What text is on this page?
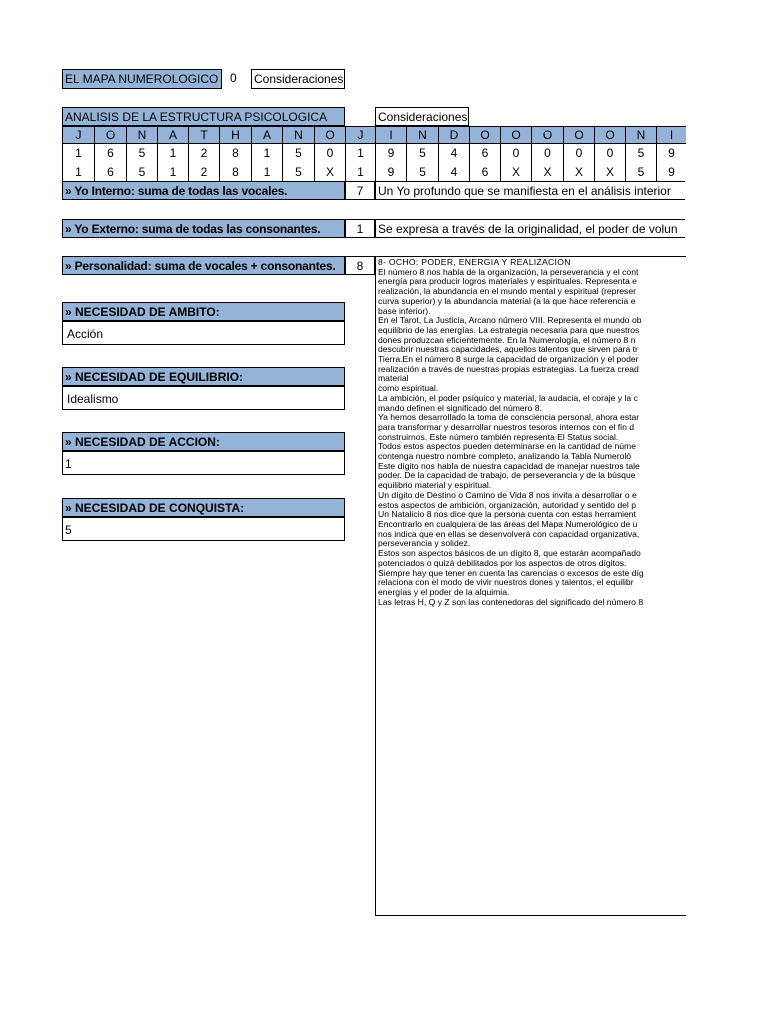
EL MAPA NUMEROLOGICO 0	Consideraciones
ANALISIS DE LA ESTRUCTURA PSICOLOGICA	Consideraciones
J	O	N	A	T	H	A	N	O	J	I	N	D	O	O	O	O	O	N	I
1	6	5	1	2	8	1	5	0	1	9	5	4	6	0	0	0	0	5	9
1	6	5	1	2	8	1	5	X	1	9	5	4	6	X	X	X	X	5	9
» Yo Interno: suma de todas las vocales.	7	Un Yo profundo que se manifiesta en el análisis interior
» Yo Externo: suma de todas las consonantes.	1	Se expresa a través de la originalidad, el poder de volun
» Personalidad: suma de vocales + consonantes.	8	8- OCHO: PODER, ENERGIA Y REALIZACION
El número 8 nos habla de la organización, la perseverancia y el cont
energía para producir logros materiales y espirituales. Representa e
realización, la abundancia en el mundo mental y espiritual (represer
curva superior) y la abundancia material (a la que hace referencia e
base inferior).
En el Tarot, La Justicia, Arcano número VIII. Representa el mundo ob
equilibrio de las energías. La estrategia necesaria para que nuestros
dones produzcan eficientemente. En la Numerología, el número 8 n
descubrir nuestras capacidades, aquellos talentos que sirven para tr
Tierra.En el número 8 surge la capacidad de organización y el poder
realización a través de nuestras propias estrategias. La fuerza cread
material
como espiritual.
La ambición, el poder psíquico y material, la audacia, el coraje y la c
mando definen el significado del número 8.
Ya hemos desarrollado la toma de consciencia personal, ahora estar
para transformar y desarrollar nuestros tesoros internos con el fin d
construirnos. Este número también representa El Status social.
Todos estos aspectos pueden determinarse en la cantidad de núme
contenga nuestro nombre completo, analizando la Tabla Numeroló
Este dígito nos habla de nuestra capacidad de manejar nuestros tale
poder. De la capacidad de trabajo, de perseverancia y de la búsque
equilibrio material y espiritual.
Un dígito de Destino o Camino de Vida 8 nos invita a desarrollar o e
estos aspectos de ambición, organización, autoridad y sentido del p
Un Natalicio 8 nos dice que la persona cuenta con estas herramient
Encontrarlo en cualquiera de las áreas del Mapa Numerológico de u
nos indica que en ellas se desenvolverá con capacidad organizativa,
perseverancia y solidez.
Estos son aspectos básicos de un dígito 8, que estarán acompañado
potenciados o quizá debilitados por los aspectos de otros dígitos.
Siempre hay que tener en cuenta las carencias o excesos de este díg
relaciona con el modo de vivir nuestros dones y talentos, el equilibr
energías y el poder de la alquimia.
Las letras H, Q y Z son las contenedoras del significado del número 8
» NECESIDAD DE AMBITO:
Acción
» NECESIDAD DE EQUILIBRIO:
Idealismo
» NECESIDAD DE ACCION:
1
» NECESIDAD DE CONQUISTA:
5
